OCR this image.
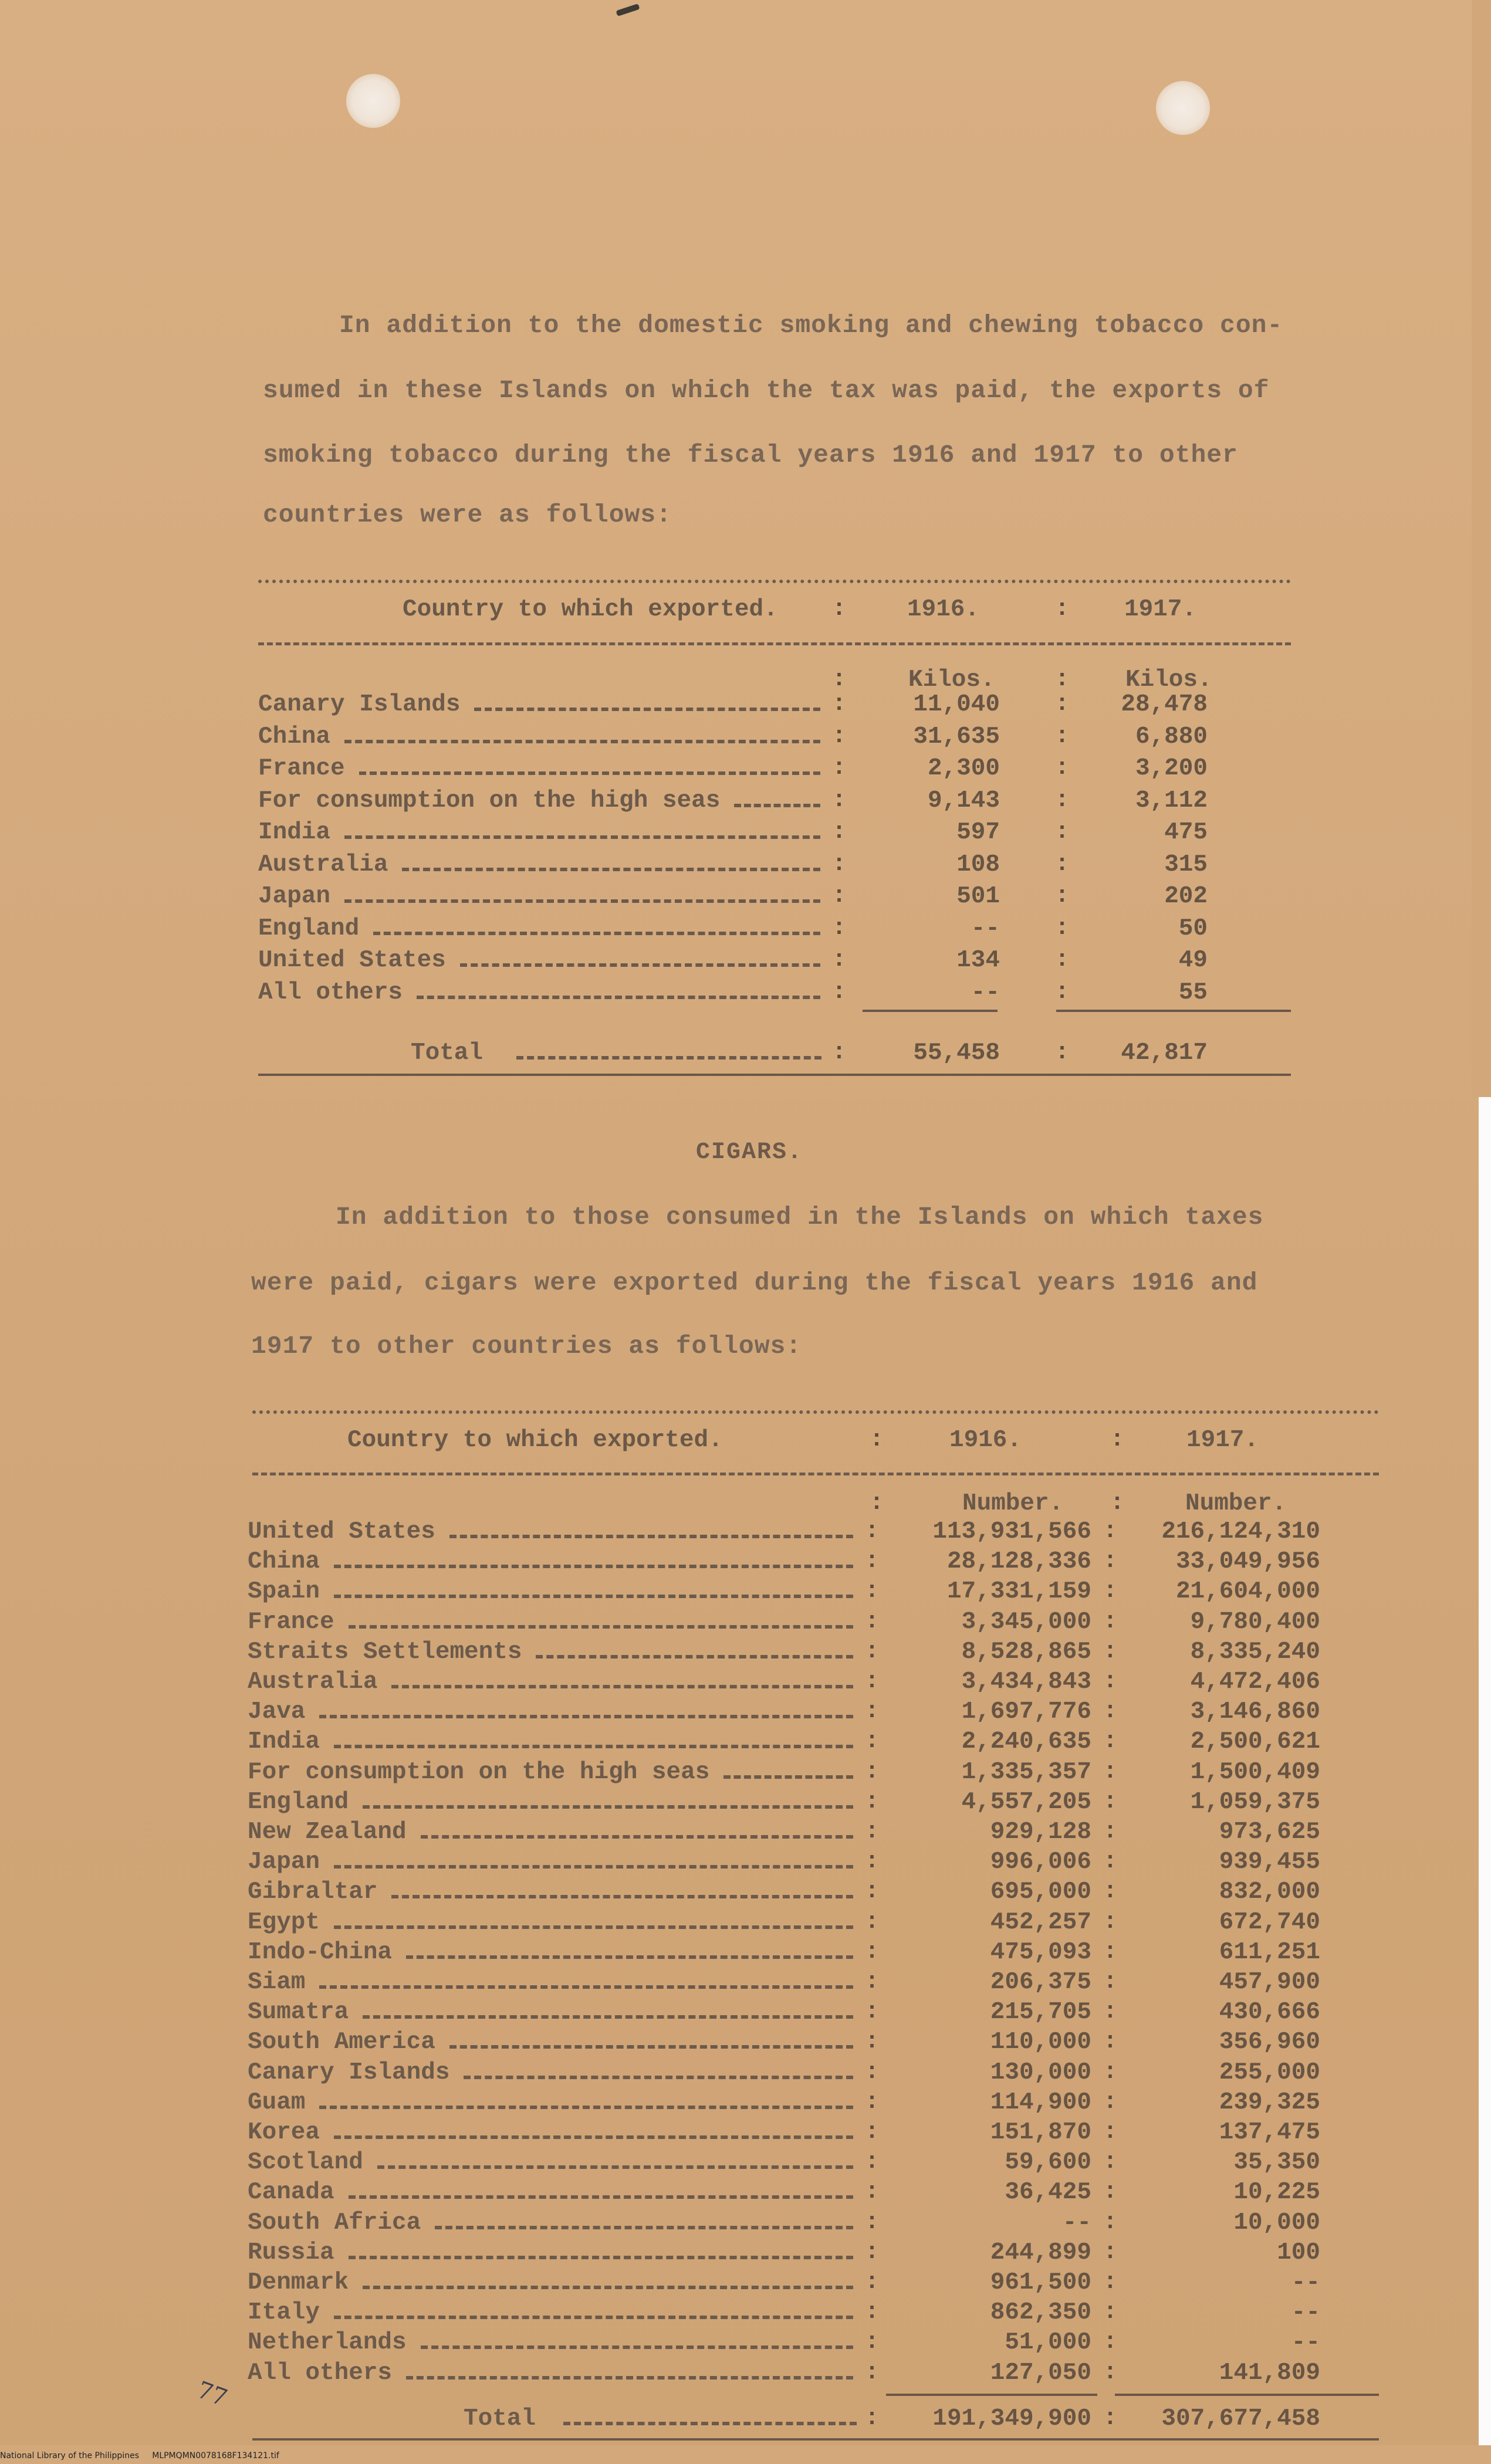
In addition to the domestic smoking and chewing tobacco con-
sumed in these Islands on which the tax was paid, the exports of
smoking tobacco during the fiscal years 1916 and 1917 to other
countries were as follows:
Country to which exported. :	1916.	: 1917.
Kilos.	Kilos.
:	:
Canary Islands	:	11,040 :	28,478
China	:	31,635 :	6,880
France	:	2,300 :	3,200
For consumption on the high seas	:	9,143 :	3,112
India	:	597 :	475
Australia	:	108 :	315
Japan	:	501 :	202
England	:	-- :	50
United States	:	134 :	49
All others	:	-- :	55
Total	:	55,458 :	42,817
CIGARS.
In addition to those consumed in the Islands on which taxes
were paid, cigars were exported during the fiscal years 1916 and
1917 to other countries as follows:
Country to which exported.	:	1916.	:	1917.
Number.	Number.
:	:
United States	:	113,931,566 :	216,124,310
China	:	28,128,336 :	33,049,956
Spain	:	17,331,159 :	21,604,000
France	:	3,345,000 :	9,780,400
Straits Settlements	:	8,528,865 :	8,335,240
Australia	:	3,434,843 :	4,472,406
Java	:	1,697,776 :	3,146,860
India	:	2,240,635 :	2,500,621
For consumption on the high seas	:	1,335,357 :	1,500,409
England	:	4,557,205 :	1,059,375
New Zealand	:	929,128 :	973,625
Japan	:	996,006 :	939,455
Gibraltar	:	695,000 :	832,000
Egypt	:	452,257 :	672,740
Indo-China	:	475,093 :	611,251
Siam	:	206,375 :	457,900
Sumatra	:	215,705 :	430,666
South America	:	110,000 :	356,960
Canary Islands	:	130,000 :	255,000
Guam	:	114,900 :	239,325
Korea	:	151,870 :	137,475
Scotland	:	59,600 :	35,350
Canada	:	36,425 :	10,225
South Africa	:	-- :	10,000
Russia	:	244,899 :	100
Denmark	:	961,500 :	--
Italy	:	862,350 :	--
Netherlands	:	51,000 :	--
All others	:	127,050 :	141,809
Total	:	191,349,900 :	307,677,458
77
National Library of the Philippines     MLPMQMN0078168F134121.tif
